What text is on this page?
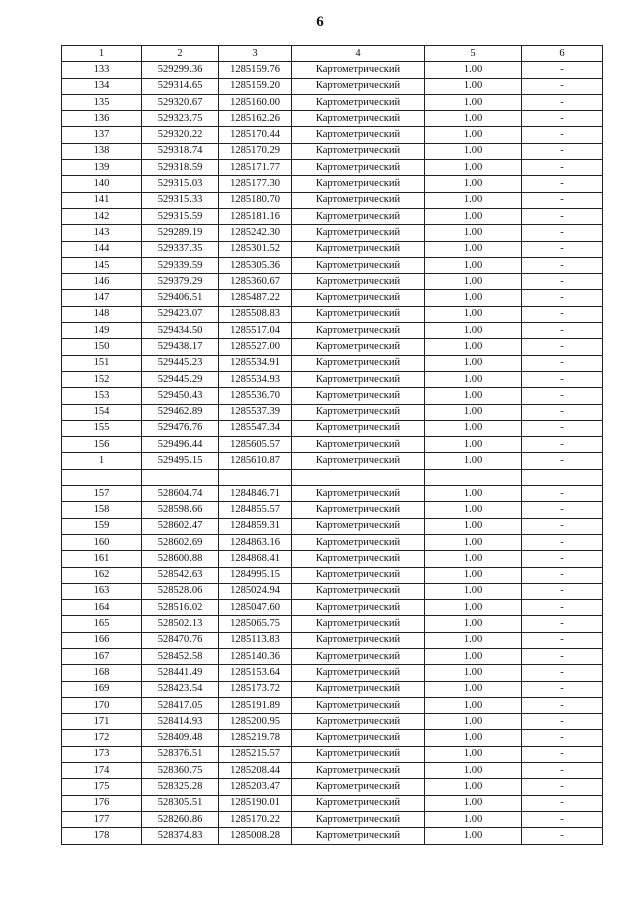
6
1	2	3	4	5	6
133	529299.36	1285159.76	Картометрический	1.00	-
134	529314.65	1285159.20	Картометрический	1.00	-
135	529320.67	1285160.00	Картометрический	1.00	-
136	529323.75	1285162.26	Картометрический	1.00	-
137	529320.22	1285170.44	Картометрический	1.00	-
138	529318.74	1285170.29	Картометрический	1.00	-
139	529318.59	1285171.77	Картометрический	1.00	-
140	529315.03	1285177.30	Картометрический	1.00	-
141	529315.33	1285180.70	Картометрический	1.00	-
142	529315.59	1285181.16	Картометрический	1.00	-
143	529289.19	1285242.30	Картометрический	1.00	-
144	529337.35	1285301.52	Картометрический	1.00	-
145	529339.59	1285305.36	Картометрический	1.00	-
146	529379.29	1285360.67	Картометрический	1.00	-
147	529406.51	1285487.22	Картометрический	1.00	-
148	529423.07	1285508.83	Картометрический	1.00	-
149	529434.50	1285517.04	Картометрический	1.00	-
150	529438.17	1285527.00	Картометрический	1.00	-
151	529445.23	1285534.91	Картометрический	1.00	-
152	529445.29	1285534.93	Картометрический	1.00	-
153	529450.43	1285536.70	Картометрический	1.00	-
154	529462.89	1285537.39	Картометрический	1.00	-
155	529476.76	1285547.34	Картометрический	1.00	-
156	529496.44	1285605.57	Картометрический	1.00	-
1	529495.15	1285610.87	Картометрический	1.00	-

157	528604.74	1284846.71	Картометрический	1.00	-
158	528598.66	1284855.57	Картометрический	1.00	-
159	528602.47	1284859.31	Картометрический	1.00	-
160	528602.69	1284863.16	Картометрический	1.00	-
161	528600.88	1284868.41	Картометрический	1.00	-
162	528542.63	1284995.15	Картометрический	1.00	-
163	528528.06	1285024.94	Картометрический	1.00	-
164	528516.02	1285047.60	Картометрический	1.00	-
165	528502.13	1285065.75	Картометрический	1.00	-
166	528470.76	1285113.83	Картометрический	1.00	-
167	528452.58	1285140.36	Картометрический	1.00	-
168	528441.49	1285153.64	Картометрический	1.00	-
169	528423.54	1285173.72	Картометрический	1.00	-
170	528417.05	1285191.89	Картометрический	1.00	-
171	528414.93	1285200.95	Картометрический	1.00	-
172	528409.48	1285219.78	Картометрический	1.00	-
173	528376.51	1285215.57	Картометрический	1.00	-
174	528360.75	1285208.44	Картометрический	1.00	-
175	528325.28	1285203.47	Картометрический	1.00	-
176	528305.51	1285190.01	Картометрический	1.00	-
177	528260.86	1285170.22	Картометрический	1.00	-
178	528374.83	1285008.28	Картометрический	1.00	-
